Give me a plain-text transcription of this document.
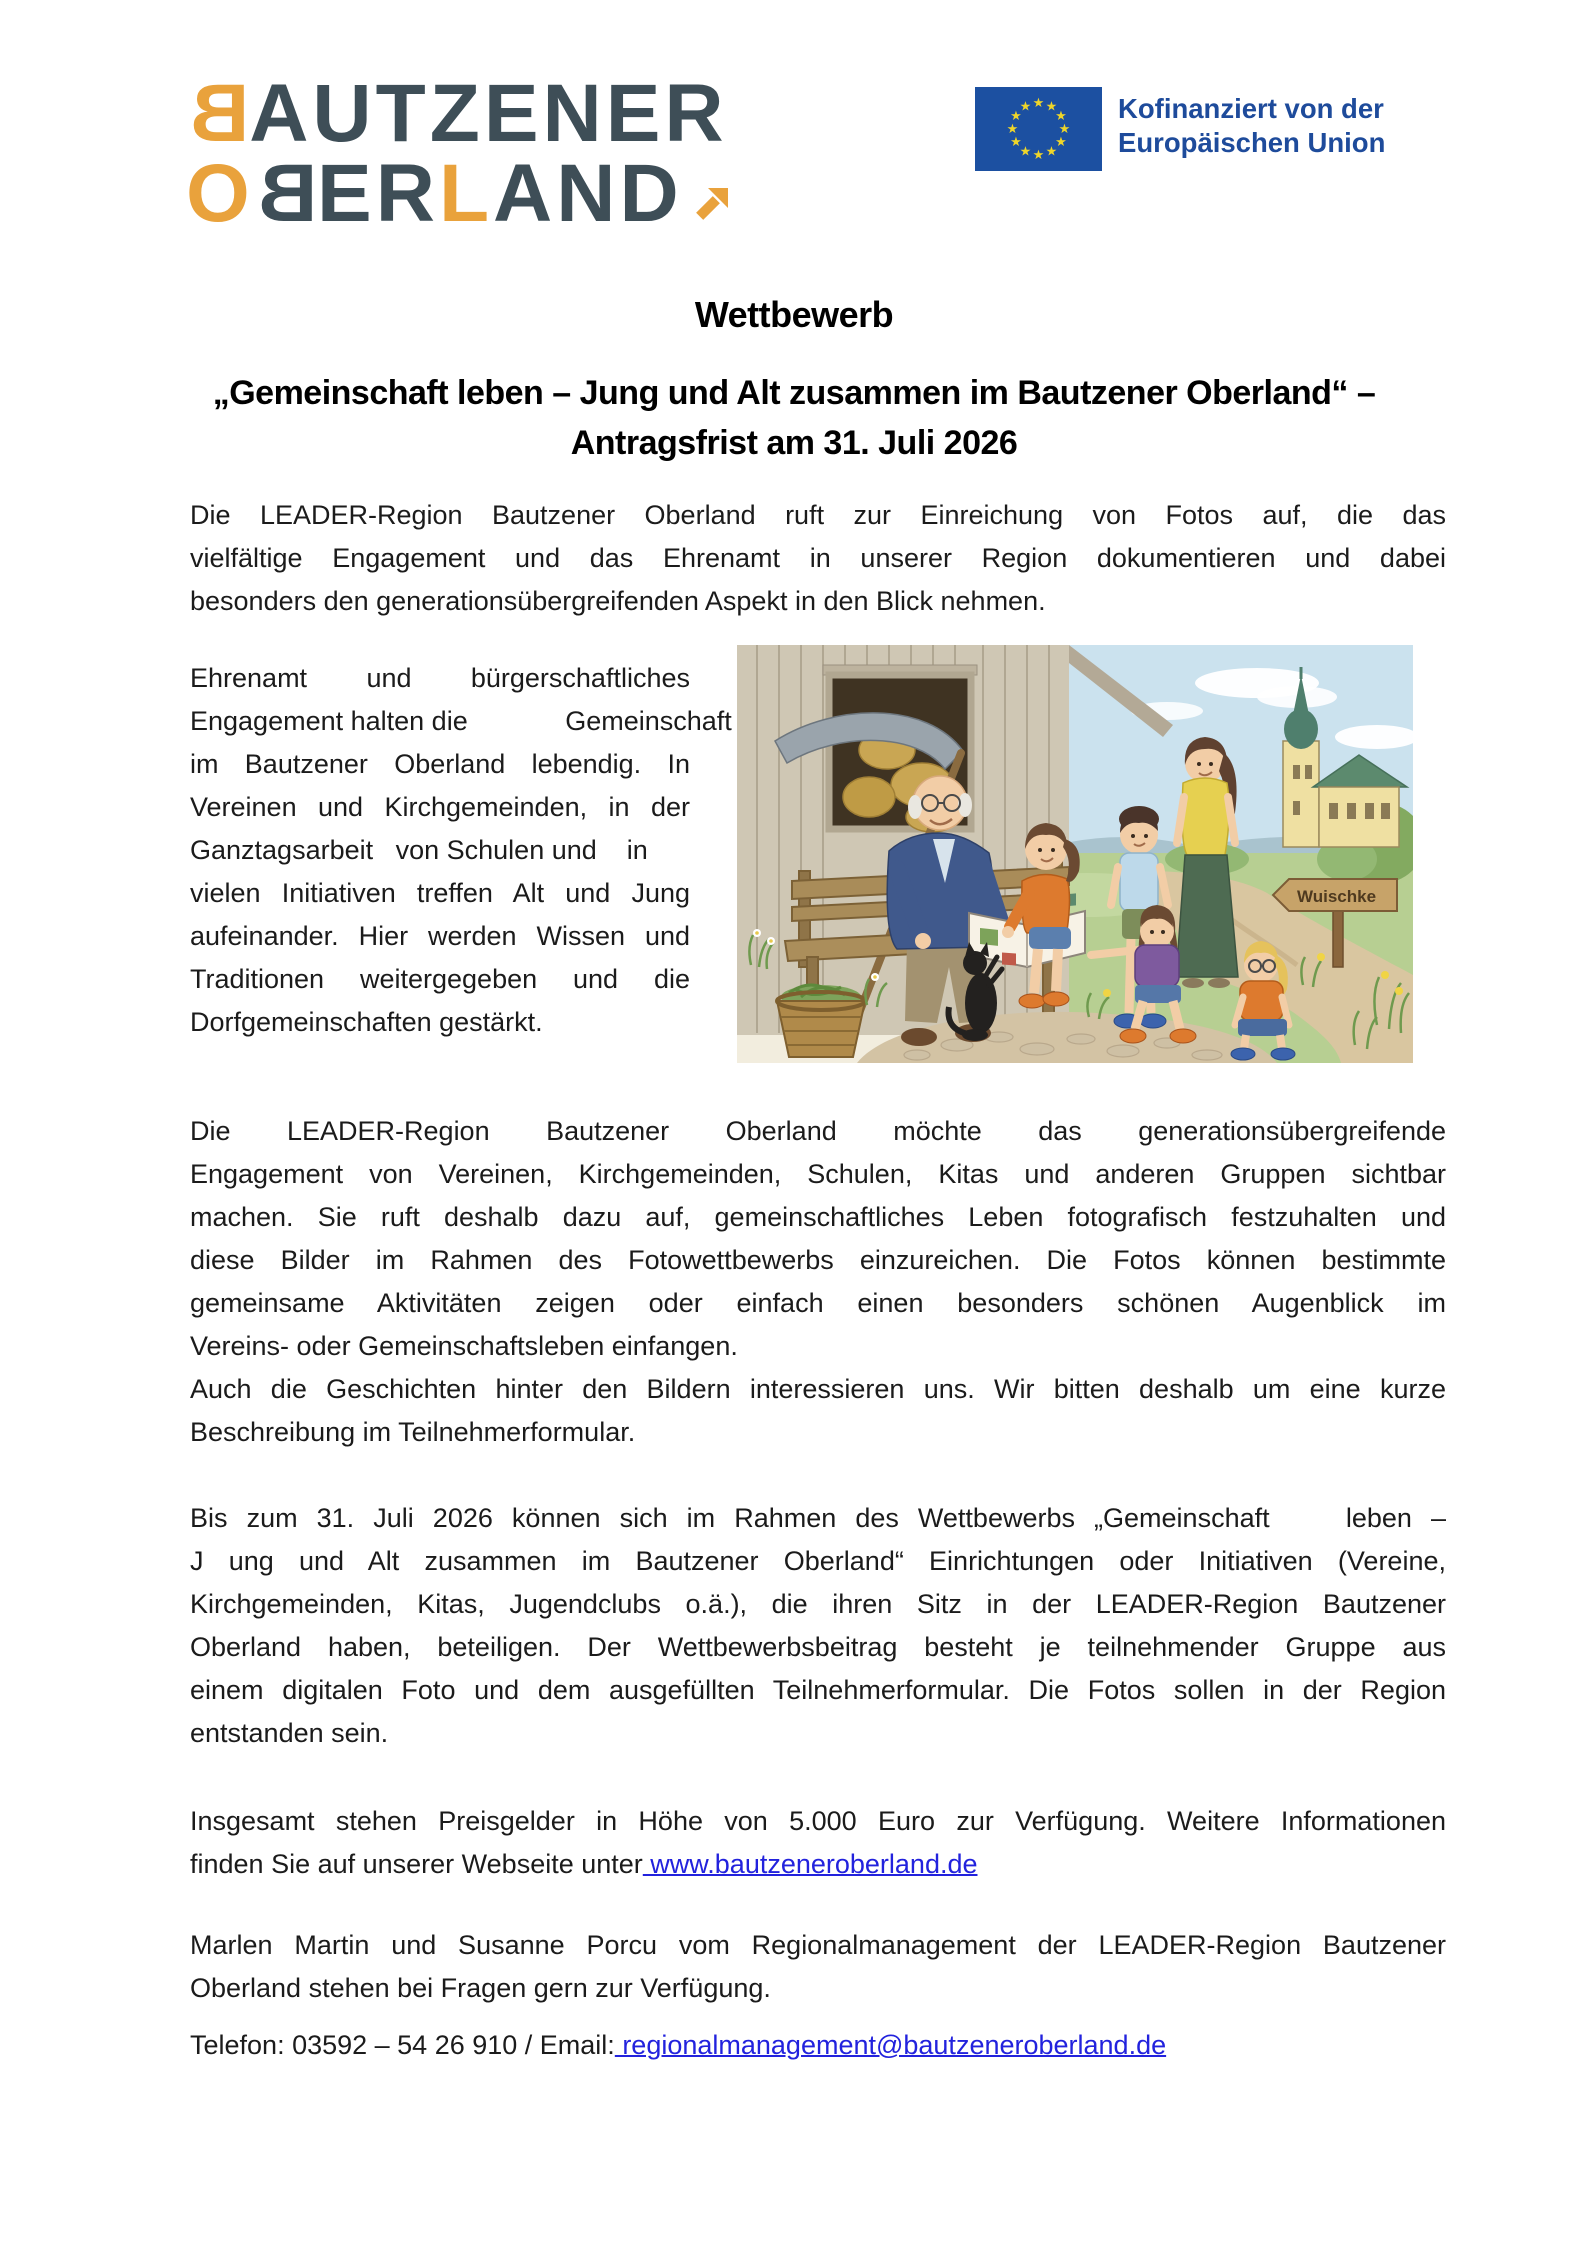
BAUTZENER
OBERLAND
★ ★
★
★
★
★
★
★
★
★
★
★	Kofinanziert von der
Europäischen Union
Wettbewerb
„Gemeinschaft leben – Jung und Alt zusammen im Bautzener Oberland“ –
Antragsfrist am 31. Juli 2026
Die LEADER-Region Bautzener Oberland ruft zur Einreichung von Fotos auf, die das
vielfältige Engagement und das Ehrenamt in unserer Region dokumentieren und dabei
besonders den generationsübergreifenden Aspekt in den Blick nehmen.
Ehrenamt und bürgerschaftliches
Engagement halten die             Gemeinschaft
im Bautzener Oberland lebendig. In
Vereinen und Kirchgemeinden, in der
Ganztagsarbeit   von Schulen und    in
vielen Initiativen treffen Alt und Jung
aufeinander. Hier werden Wissen und
Traditionen weitergegeben und die
Dorfgemeinschaften gestärkt.
Wuischke
Die LEADER-Region Bautzener Oberland möchte das generationsübergreifende
Engagement von Vereinen, Kirchgemeinden, Schulen, Kitas und anderen Gruppen sichtbar
machen. Sie ruft deshalb dazu auf, gemeinschaftliches Leben fotografisch festzuhalten und
diese Bilder im Rahmen des Fotowettbewerbs einzureichen. Die Fotos können bestimmte
gemeinsame Aktivitäten zeigen oder einfach einen besonders schönen Augenblick im
Vereins- oder Gemeinschaftsleben einfangen.
Auch die Geschichten hinter den Bildern interessieren uns. Wir bitten deshalb um eine kurze
Beschreibung im Teilnehmerformular.
Bis zum 31. Juli 2026 können sich im Rahmen des Wettbewerbs „Gemeinschaft    leben –
J ung und Alt zusammen im Bautzener Oberland“ Einrichtungen oder Initiativen (Vereine,
Kirchgemeinden, Kitas, Jugendclubs o.ä.), die ihren Sitz in der LEADER-Region Bautzener
Oberland haben, beteiligen. Der Wettbewerbsbeitrag besteht je teilnehmender Gruppe aus
einem digitalen Foto und dem ausgefüllten Teilnehmerformular. Die Fotos sollen in der Region
entstanden sein.
Insgesamt stehen Preisgelder in Höhe von 5.000 Euro zur Verfügung. Weitere Informationen
finden Sie auf unserer Webseite unter www.bautzeneroberland.de
Marlen Martin und Susanne Porcu vom Regionalmanagement der LEADER-Region Bautzener
Oberland stehen bei Fragen gern zur Verfügung.
Telefon: 03592 – 54 26 910 / Email: regionalmanagement@bautzeneroberland.de
